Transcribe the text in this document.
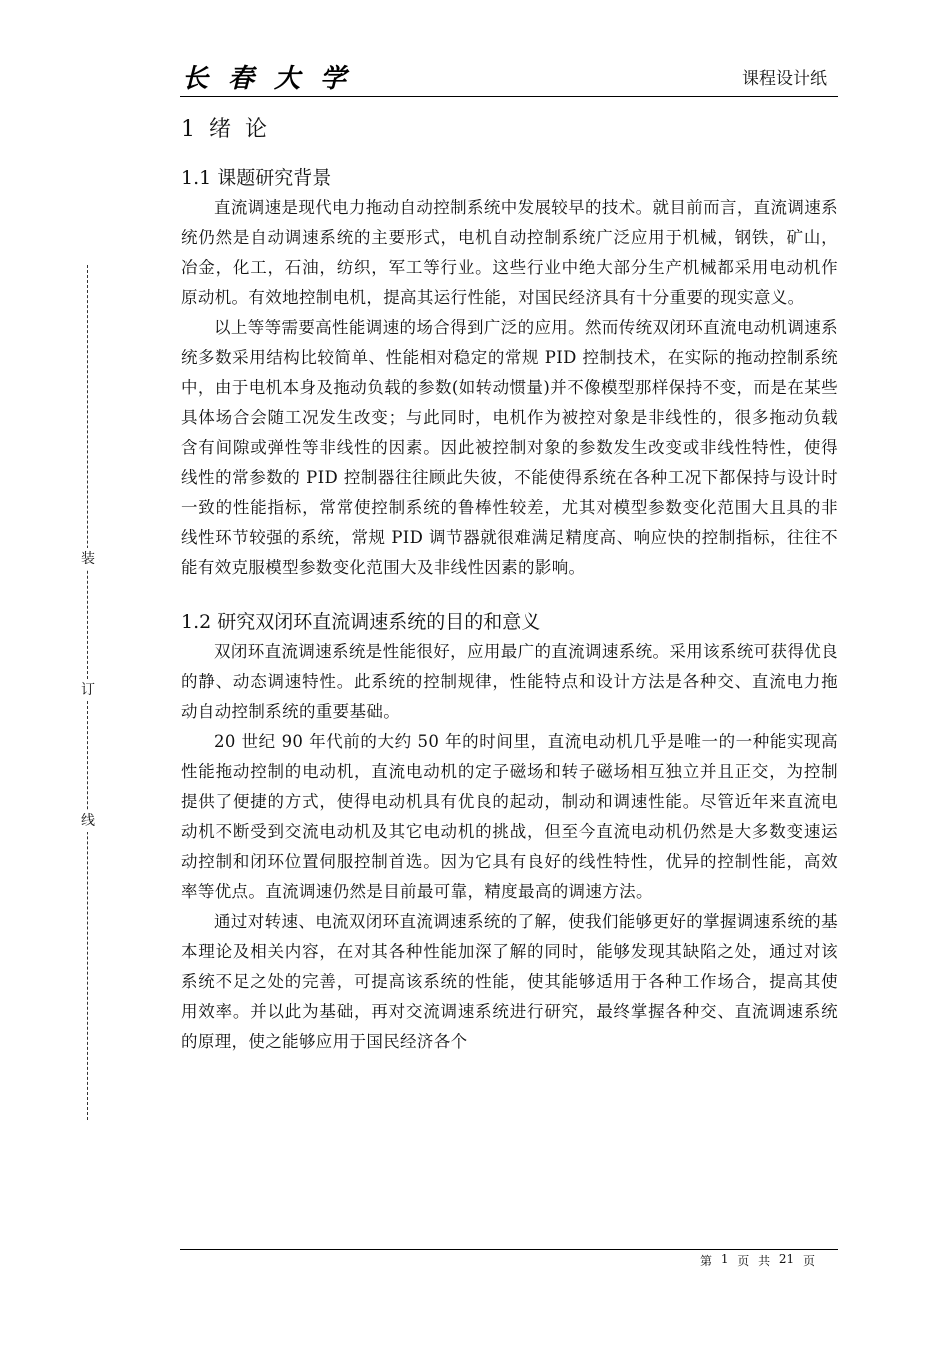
长春大学	课程设计纸
装
订
线
1 绪  论
1.1 课题研究背景

直流调速是现代电力拖动自动控制系统中发展较早的技术。就目前而言，直流调速系统仍然是自动调速系统的主要形式，电机自动控制系统广泛应用于机械，钢铁，矿山，冶金，化工，石油，纺织，军工等行业。这些行业中绝大部分生产机械都采用电动机作原动机。有效地控制电机，提高其运行性能，对国民经济具有十分重要的现实意义。

以上等等需要高性能调速的场合得到广泛的应用。然而传统双闭环直流电动机调速系统多数采用结构比较简单、性能相对稳定的常规 PID 控制技术，在实际的拖动控制系统中，由于电机本身及拖动负载的参数(如转动惯量)并不像模型那样保持不变，而是在某些具体场合会随工况发生改变；与此同时，电机作为被控对象是非线性的，很多拖动负载含有间隙或弹性等非线性的因素。因此被控制对象的参数发生改变或非线性特性，使得线性的常参数的 PID 控制器往往顾此失彼，不能使得系统在各种工况下都保持与设计时一致的性能指标，常常使控制系统的鲁棒性较差，尤其对模型参数变化范围大且具的非线性环节较强的系统，常规 PID 调节器就很难满足精度高、响应快的控制指标，往往不能有效克服模型参数变化范围大及非线性因素的影响。

1.2 研究双闭环直流调速系统的目的和意义

双闭环直流调速系统是性能很好，应用最广的直流调速系统。采用该系统可获得优良的静、动态调速特性。此系统的控制规律，性能特点和设计方法是各种交、直流电力拖动自动控制系统的重要基础。

20 世纪 90 年代前的大约 50 年的时间里，直流电动机几乎是唯一的一种能实现高性能拖动控制的电动机，直流电动机的定子磁场和转子磁场相互独立并且正交，为控制提供了便捷的方式，使得电动机具有优良的起动，制动和调速性能。尽管近年来直流电动机不断受到交流电动机及其它电动机的挑战，但至今直流电动机仍然是大多数变速运动控制和闭环位置伺服控制首选。因为它具有良好的线性特性，优异的控制性能，高效率等优点。直流调速仍然是目前最可靠，精度最高的调速方法。

通过对转速、电流双闭环直流调速系统的了解，使我们能够更好的掌握调速系统的基本理论及相关内容，在对其各种性能加深了解的同时，能够发现其缺陷之处，通过对该系统不足之处的完善，可提高该系统的性能，使其能够适用于各种工作场合，提高其使用效率。并以此为基础，再对交流调速系统进行研究，最终掌握各种交、直流调速系统的原理，使之能够应用于国民经济各个

第 1 页 共 21 页
